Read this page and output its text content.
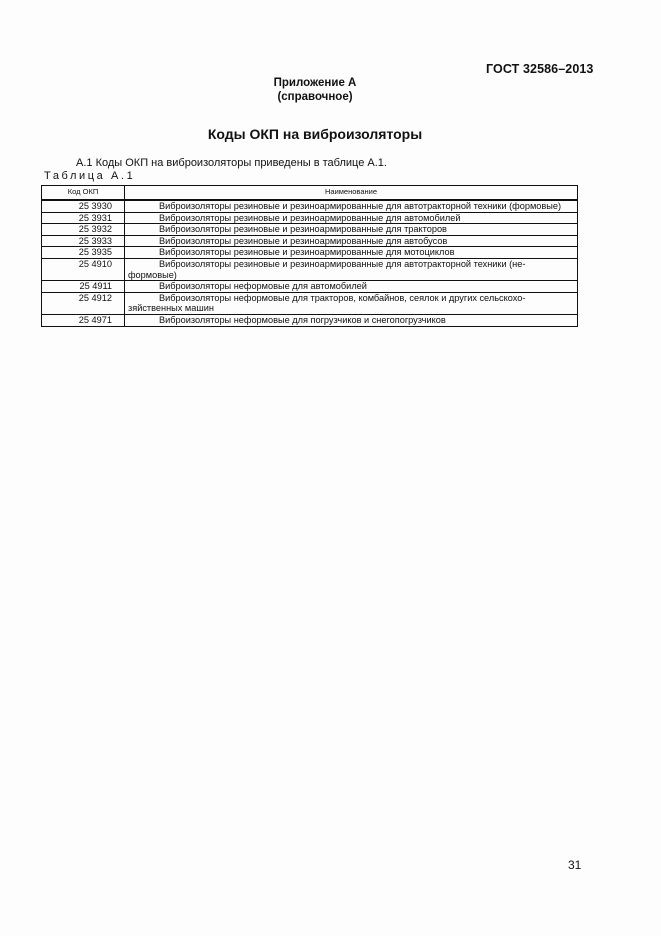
ГОСТ 32586–2013
Приложение А
(справочное)
Коды ОКП на виброизоляторы
А.1 Коды ОКП на виброизоляторы приведены в таблице А.1.
Таблица А.1
Код ОКП	Наименование
25 3930	Виброизоляторы резиновые и резиноармированные для автотракторной техники (формовые)
25 3931	Виброизоляторы резиновые и резиноармированные для автомобилей
25 3932	Виброизоляторы резиновые и резиноармированные для тракторов
25 3933	Виброизоляторы резиновые и резиноармированные для автобусов
25 3935	Виброизоляторы резиновые и резиноармированные для мотоциклов
25 4910	Виброизоляторы резиновые и резиноармированные для автотракторной техники (не-формовые)
25 4911	Виброизоляторы неформовые для автомобилей
25 4912	Виброизоляторы неформовые для тракторов, комбайнов, сеялок и других сельскохо-зяйственных машин
25 4971	Виброизоляторы неформовые для погрузчиков и снегопогрузчиков
31
